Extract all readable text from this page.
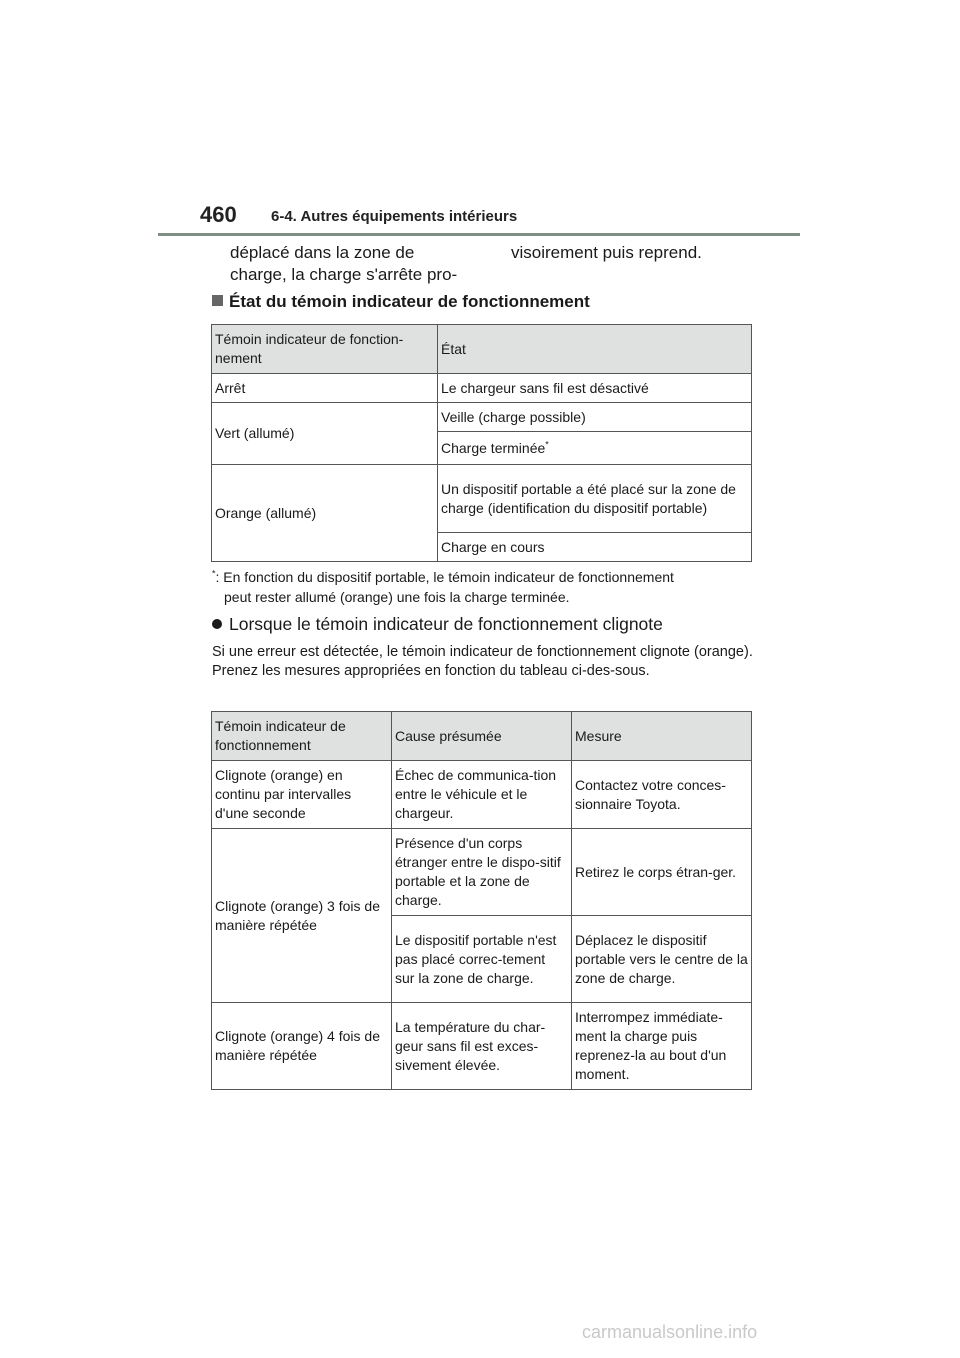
460 6-4. Autres équipements intérieurs
déplacé dans la zone de
charge, la charge s'arrête pro-
visoirement puis reprend.
État du témoin indicateur de fonctionnement
Témoin indicateur de fonction-nement	État
Arrêt	Le chargeur sans fil est désactivé
Vert (allumé)	Veille (charge possible)
	Charge terminée*
Orange (allumé)	Un dispositif portable a été placé sur la zone de charge (identification du dispositif portable)
	Charge en cours
*: En fonction du dispositif portable, le témoin indicateur de fonctionnement
peut rester allumé (orange) une fois la charge terminée.
Lorsque le témoin indicateur de fonctionnement clignote
Si une erreur est détectée, le témoin indicateur de fonctionnement clignote (orange). Prenez les mesures appropriées en fonction du tableau ci-des-sous.
Témoin indicateur de fonctionnement	Cause présumée	Mesure
Clignote (orange) en continu par intervalles d'une seconde	Échec de communica-tion entre le véhicule et le chargeur.	Contactez votre conces-sionnaire Toyota.
Clignote (orange) 3 fois de manière répétée	Présence d'un corps étranger entre le dispo-sitif portable et la zone de charge.	Retirez le corps étran-ger.
	Le dispositif portable n'est pas placé correc-tement sur la zone de charge.	Déplacez le dispositif portable vers le centre de la zone de charge.
Clignote (orange) 4 fois de manière répétée	La température du char-geur sans fil est exces-sivement élevée.	Interrompez immédiate-ment la charge puis reprenez-la au bout d'un moment.
carmanualsonline.info
